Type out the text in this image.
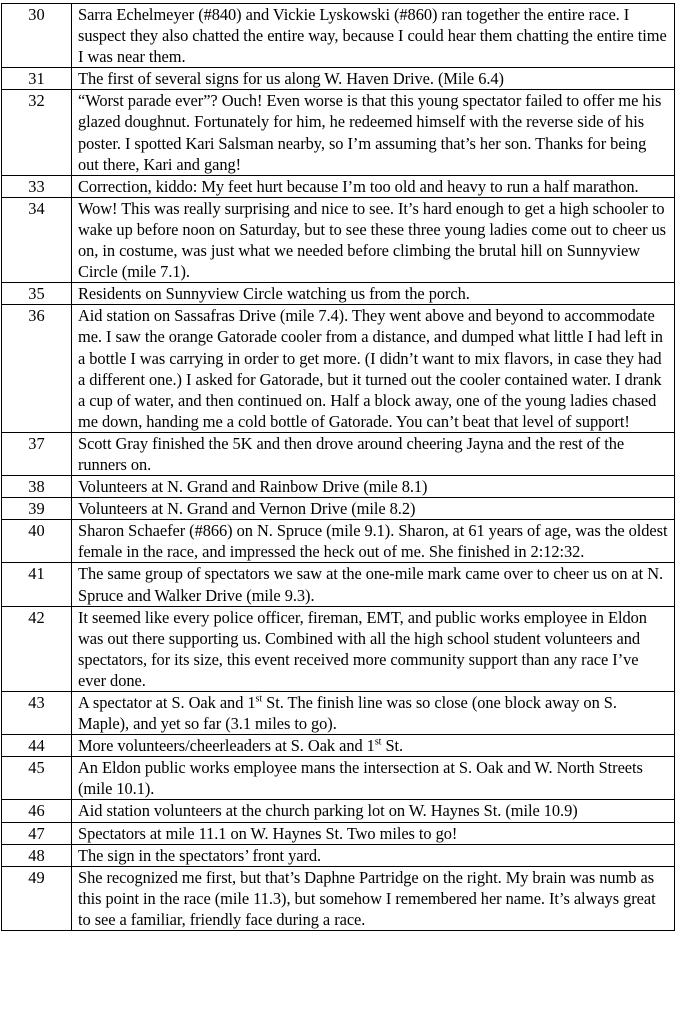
30	Sarra Echelmeyer (#840) and Vickie Lyskowski (#860) ran together the entire race. I suspect they also chatted the entire way, because I could hear them chatting the entire time I was near them.
31	The first of several signs for us along W. Haven Drive. (Mile 6.4)
32	“Worst parade ever”? Ouch! Even worse is that this young spectator failed to offer me his glazed doughnut. Fortunately for him, he redeemed himself with the reverse side of his poster. I spotted Kari Salsman nearby, so I’m assuming that’s her son. Thanks for being out there, Kari and gang!
33	Correction, kiddo: My feet hurt because I’m too old and heavy to run a half marathon.
34	Wow! This was really surprising and nice to see. It’s hard enough to get a high schooler to wake up before noon on Saturday, but to see these three young ladies come out to cheer us on, in costume, was just what we needed before climbing the brutal hill on Sunnyview Circle (mile 7.1).
35	Residents on Sunnyview Circle watching us from the porch.
36	Aid station on Sassafras Drive (mile 7.4). They went above and beyond to accommodate me. I saw the orange Gatorade cooler from a distance, and dumped what little I had left in a bottle I was carrying in order to get more. (I didn’t want to mix flavors, in case they had a different one.) I asked for Gatorade, but it turned out the cooler contained water. I drank a cup of water, and then continued on. Half a block away, one of the young ladies chased me down, handing me a cold bottle of Gatorade. You can’t beat that level of support!
37	Scott Gray finished the 5K and then drove around cheering Jayna and the rest of the runners on.
38	Volunteers at N. Grand and Rainbow Drive (mile 8.1)
39	Volunteers at N. Grand and Vernon Drive (mile 8.2)
40	Sharon Schaefer (#866) on N. Spruce (mile 9.1). Sharon, at 61 years of age, was the oldest female in the race, and impressed the heck out of me. She finished in 2:12:32.
41	The same group of spectators we saw at the one-mile mark came over to cheer us on at N. Spruce and Walker Drive (mile 9.3).
42	It seemed like every police officer, fireman, EMT, and public works employee in Eldon was out there supporting us. Combined with all the high school student volunteers and spectators, for its size, this event received more community support than any race I’ve ever done.
43	A spectator at S. Oak and 1st St. The finish line was so close (one block away on S. Maple), and yet so far (3.1 miles to go).
44	More volunteers/cheerleaders at S. Oak and 1st St.
45	An Eldon public works employee mans the intersection at S. Oak and W. North Streets (mile 10.1).
46	Aid station volunteers at the church parking lot on W. Haynes St. (mile 10.9)
47	Spectators at mile 11.1 on W. Haynes St. Two miles to go!
48	The sign in the spectators’ front yard.
49	She recognized me first, but that’s Daphne Partridge on the right. My brain was numb as this point in the race (mile 11.3), but somehow I remembered her name. It’s always great to see a familiar, friendly face during a race.
